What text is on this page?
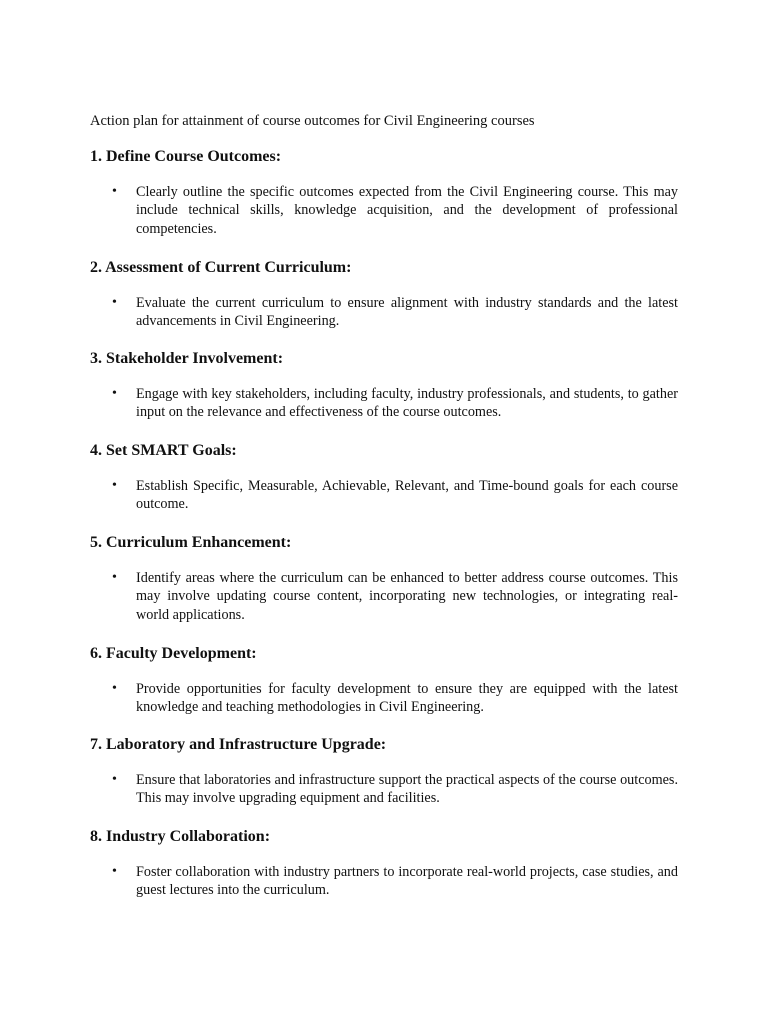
Action plan for attainment of course outcomes for Civil Engineering courses

1. Define Course Outcomes:
• Clearly outline the specific outcomes expected from the Civil Engineering course. This may include technical skills, knowledge acquisition, and the development of professional competencies.
2. Assessment of Current Curriculum:
• Evaluate the current curriculum to ensure alignment with industry standards and the latest advancements in Civil Engineering.
3. Stakeholder Involvement:
• Engage with key stakeholders, including faculty, industry professionals, and students, to gather input on the relevance and effectiveness of the course outcomes.
4. Set SMART Goals:
• Establish Specific, Measurable, Achievable, Relevant, and Time-bound goals for each course outcome.
5. Curriculum Enhancement:
• Identify areas where the curriculum can be enhanced to better address course outcomes. This may involve updating course content, incorporating new technologies, or integrating real-world applications.
6. Faculty Development:
• Provide opportunities for faculty development to ensure they are equipped with the latest knowledge and teaching methodologies in Civil Engineering.
7. Laboratory and Infrastructure Upgrade:
• Ensure that laboratories and infrastructure support the practical aspects of the course outcomes. This may involve upgrading equipment and facilities.
8. Industry Collaboration:
• Foster collaboration with industry partners to incorporate real-world projects, case studies, and guest lectures into the curriculum.
